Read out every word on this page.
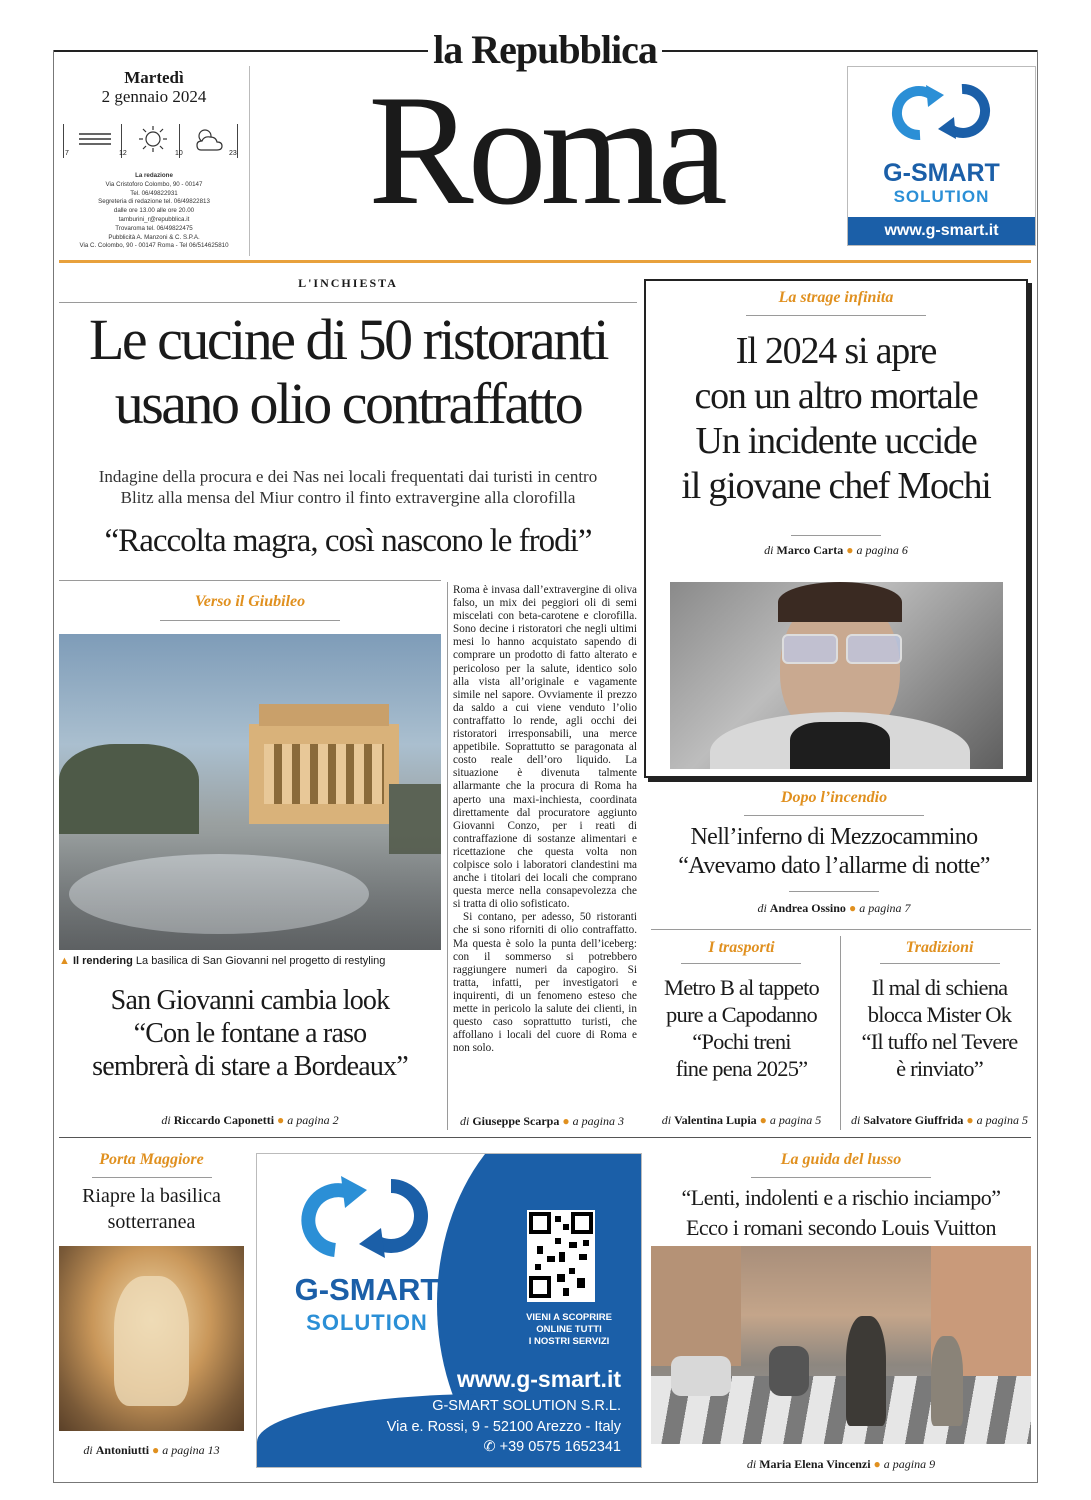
la Repubblica
Martedì
2 gennaio 2024
7	12	10	23
La redazione
Via Cristoforo Colombo, 90 - 00147
Tel. 06/49822931
Segreteria di redazione tel. 06/49822813
dalle ore 13.00 alle ore 20.00
tamburini_r@repubblica.it
Trovaroma tel. 06/49822475
Pubblicità A. Manzoni & C. S.P.A.
Via C. Colombo, 90 - 00147 Roma - Tel 06/514625810
Roma	G-SMART
SOLUTION
www.g-smart.it
L'INCHIESTA
Le cucine di 50 ristoranti
usano olio contraffatto
Indagine della procura e dei Nas nei locali frequentati dai turisti in centro
Blitz alla mensa del Miur contro il finto extravergine alla clorofilla
“Raccolta magra, così nascono le frodi”
La strage infinita
Il 2024 si apre
con un altro mortale
Un incidente uccide
il giovane chef Mochi
di Marco Carta ● a pagina 6
Verso il Giubileo
▲ Il rendering La basilica di San Giovanni nel progetto di restyling
San Giovanni cambia look
“Con le fontane a raso
sembrerà di stare a Bordeaux”
di Riccardo Caponetti ● a pagina 2
Roma è invasa dall’extravergine di oliva falso, un mix dei peggiori oli di semi miscelati con beta-carotene e clorofilla. Sono decine i ristoratori che negli ultimi mesi lo hanno acquistato sapendo di comprare un prodotto di fatto alterato e pericoloso per la salute, identico solo alla vista all’originale e vagamente simile nel sapore. Ovviamente il prezzo da saldo a cui viene venduto l’olio contraffatto lo rende, agli occhi dei ristoratori irresponsabili, una merce appetibile. Soprattutto se paragonata al costo reale dell’oro liquido. La situazione è divenuta talmente allarmante che la procura di Roma ha aperto una maxi-inchiesta, coordinata direttamente dal procuratore aggiunto Giovanni Conzo, per i reati di contraffazione di sostanze alimentari e ricettazione che questa volta non colpisce solo i laboratori clandestini ma anche i titolari dei locali che comprano questa merce nella consapevolezza che si tratta di olio sofisticato.
Si contano, per adesso, 50 ristoranti che si sono riforniti di olio contraffatto. Ma questa è solo la punta dell’iceberg: con il sommerso si potrebbero raggiungere numeri da capogiro. Si tratta, infatti, per investigatori e inquirenti, di un fenomeno esteso che mette in pericolo la salute dei clienti, in questo caso soprattutto turisti, che affollano i locali del cuore di Roma e non solo.
di Giuseppe Scarpa ● a pagina 3
Dopo l’incendio
Nell’inferno di Mezzocammino
“Avevamo dato l’allarme di notte”
di Andrea Ossino ● a pagina 7
I trasporti
Metro B al tappeto
pure a Capodanno
“Pochi treni
fine pena 2025”
di Valentina Lupia ● a pagina 5
Tradizioni
Il mal di schiena
blocca Mister Ok
“Il tuffo nel Tevere
è rinviato”
di Salvatore Giuffrida ● a pagina 5
Porta Maggiore
Riapre la basilica
sotterranea
di Antoniutti ● a pagina 13
G-SMART
SOLUTION	VIENI A SCOPRIRE
ONLINE TUTTI
I NOSTRI SERVIZI
www.g-smart.it
G-SMART SOLUTION S.R.L.
Via e. Rossi, 9 - 52100 Arezzo - Italy
✆ +39 0575 1652341
La guida del lusso
“Lenti, indolenti e a rischio inciampo”
Ecco i romani secondo Louis Vuitton
di Maria Elena Vincenzi ● a pagina 9
